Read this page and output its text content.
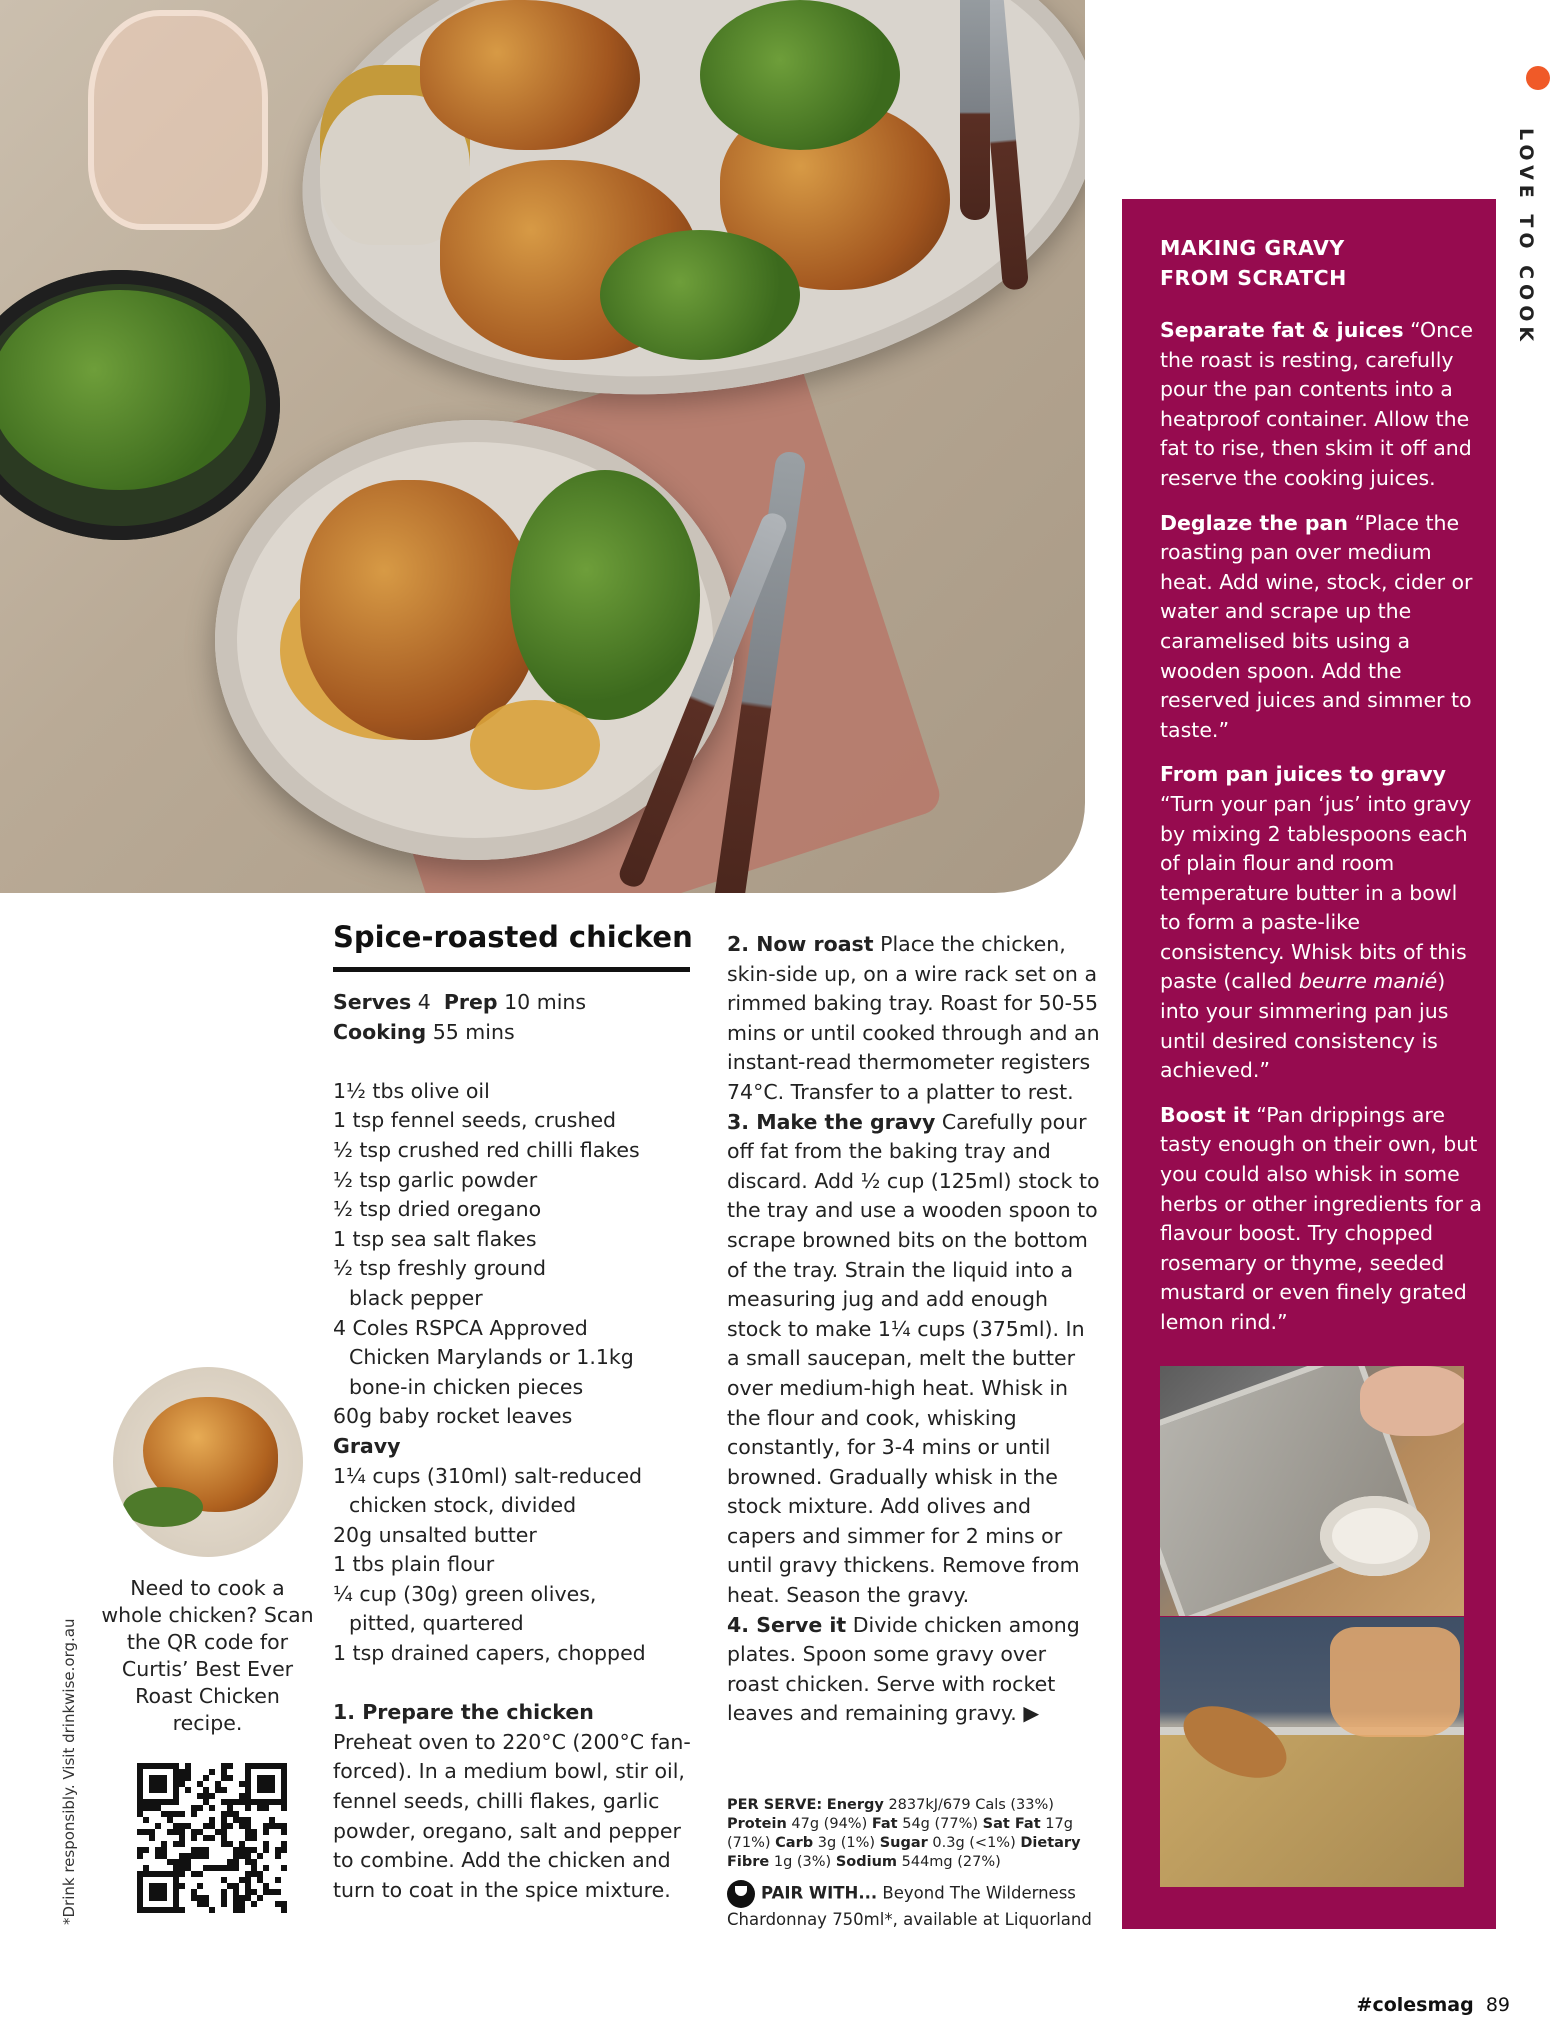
LOVE TO COOK
Spice-roasted chicken
Serves 4 Prep 10 mins
Cooking 55 mins
1½ tbs olive oil
1 tsp fennel seeds, crushed
½ tsp crushed red chilli flakes
½ tsp garlic powder
½ tsp dried oregano
1 tsp sea salt flakes
½ tsp freshly ground
black pepper
4 Coles RSPCA Approved
Chicken Marylands or 1.1kg
bone-in chicken pieces
60g baby rocket leaves
Gravy
1¼ cups (310ml) salt-reduced
chicken stock, divided
20g unsalted butter
1 tbs plain flour
¼ cup (30g) green olives,
pitted, quartered
1 tsp drained capers, chopped
1. Prepare the chicken
Preheat oven to 220°C (200°C fan-forced). In a medium bowl, stir oil, fennel seeds, chilli flakes, garlic powder, oregano, salt and pepper to combine. Add the chicken and turn to coat in the spice mixture.
2. Now roast Place the chicken, skin-side up, on a wire rack set on a rimmed baking tray. Roast for 50-55 mins or until cooked through and an instant-read thermometer registers 74°C. Transfer to a platter to rest.
3. Make the gravy Carefully pour off fat from the baking tray and discard. Add ½ cup (125ml) stock to the tray and use a wooden spoon to scrape browned bits on the bottom of the tray. Strain the liquid into a measuring jug and add enough stock to make 1¼ cups (375ml). In a small saucepan, melt the butter over medium-high heat. Whisk in the flour and cook, whisking constantly, for 3-4 mins or until browned. Gradually whisk in the stock mixture. Add olives and capers and simmer for 2 mins or until gravy thickens. Remove from heat. Season the gravy.
4. Serve it Divide chicken among plates. Spoon some gravy over roast chicken. Serve with rocket leaves and remaining gravy. ▶
PER SERVE: Energy 2837kJ/679 Cals (33%) Protein 47g (94%) Fat 54g (77%) Sat Fat 17g (71%) Carb 3g (1%) Sugar 0.3g (<1%) Dietary Fibre 1g (3%) Sodium 544mg (27%)
PAIR WITH... Beyond The Wilderness Chardonnay 750ml*, available at Liquorland
Need to cook a whole chicken? Scan the QR code for Curtis’ Best Ever Roast Chicken recipe.
*Drink responsibly. Visit drinkwise.org.au
MAKING GRAVY
FROM SCRATCH

Separate fat & juices “Once the roast is resting, carefully pour the pan contents into a heatproof container. Allow the fat to rise, then skim it off and reserve the cooking juices.

Deglaze the pan “Place the roasting pan over medium heat. Add wine, stock, cider or water and scrape up the caramelised bits using a wooden spoon. Add the reserved juices and simmer to taste.”

From pan juices to gravy “Turn your pan ‘jus’ into gravy by mixing 2 tablespoons each of plain flour and room temperature butter in a bowl to form a paste-like consistency. Whisk bits of this paste (called beurre manié) into your simmering pan jus until desired consistency is achieved.”

Boost it “Pan drippings are tasty enough on their own, but you could also whisk in some herbs or other ingredients for a flavour boost. Try chopped rosemary or thyme, seeded mustard or even finely grated lemon rind.”

#colesmag 89
